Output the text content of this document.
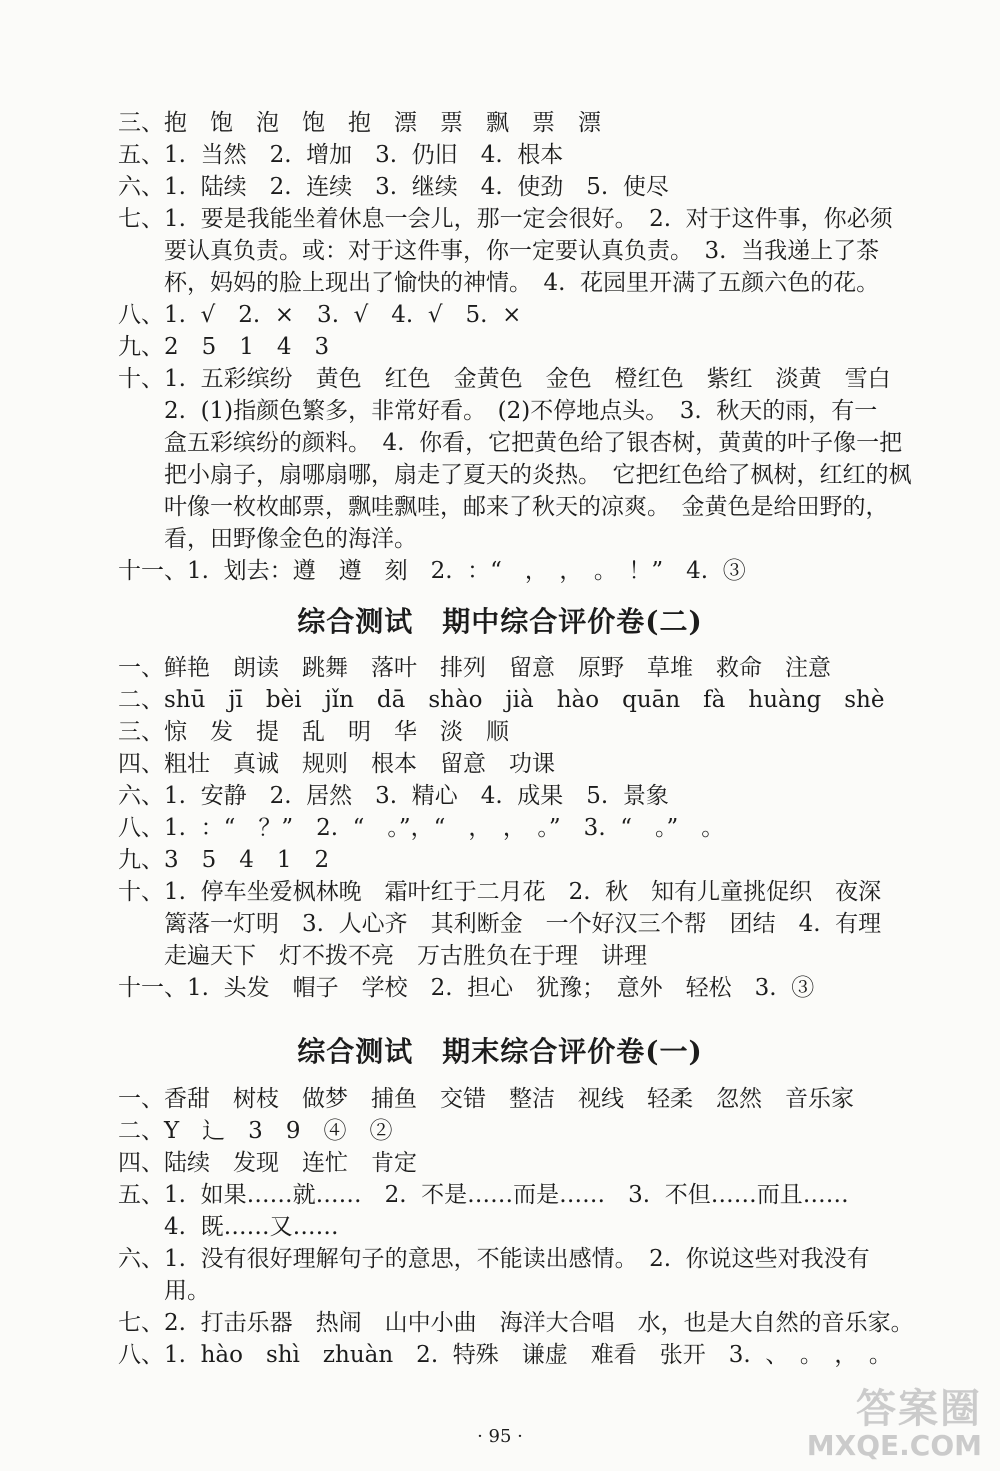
三、抱　饱　泡　饱　抱　漂　票　飘　票　漂
五、1.  当然　2.  增加　3.  仍旧　4.  根本
六、1.  陆续　2.  连续　3.  继续　4.  使劲　5.  使尽
七、1.  要是我能坐着休息一会儿，那一定会很好。　2.  对于这件事，你必须
　　要认真负责。或：对于这件事，你一定要认真负责。　3.  当我递上了茶
　　杯，妈妈的脸上现出了愉快的神情。　4.  花园里开满了五颜六色的花。
八、1.  √　2.  ×　3.  √　4.  √　5.  ×
九、2　5　1　4　3
十、1.  五彩缤纷　黄色　红色　金黄色　金色　橙红色　紫红　淡黄　雪白
　　2.  (1)指颜色繁多，非常好看。　(2)不停地点头。　3.  秋天的雨，有一
　　盒五彩缤纷的颜料。　4.  你看，它把黄色给了银杏树，黄黄的叶子像一把
　　把小扇子，扇哪扇哪，扇走了夏天的炎热。　它把红色给了枫树，红红的枫
　　叶像一枚枚邮票，飘哇飘哇，邮来了秋天的凉爽。　金黄色是给田野的，
　　看，田野像金色的海洋。
十一、1.  划去：遵　遵　刻　2.  ：“　，　，　。　！”　4.  ③
综合测试　期中综合评价卷(二)
一、鲜艳　朗读　跳舞　落叶　排列　留意　原野　草堆　救命　注意
二、shū　jī　bèi　jǐn　dā　shào　jià　hào　quān　fà　huàng　shè
三、惊　发　提　乱　明　华　淡　顺
四、粗壮　真诚　规则　根本　留意　功课
六、1.  安静　2.  居然　3.  精心　4.  成果　5.  景象
八、1.  ：“　？”　2.  “　。”，“　，　，　。”　3.  “　。”　。
九、3　5　4　1　2
十、1.  停车坐爱枫林晚　霜叶红于二月花　2.  秋　知有儿童挑促织　夜深
　　篱落一灯明　3.  人心齐　其利断金　一个好汉三个帮　团结　4.  有理
　　走遍天下　灯不拨不亮　万古胜负在于理　讲理
十一、1.  头发　帽子　学校　2.  担心　犹豫；　意外　轻松　3.  ③
综合测试　期末综合评价卷(一)
一、香甜　树枝　做梦　捕鱼　交错　整洁　视线　轻柔　忽然　音乐家
二、Y　辶　3　9　④　②
四、陆续　发现　连忙　肯定
五、1.  如果……就……　2.  不是……而是……　3.  不但……而且……
　　4.  既……又……
六、1.  没有很好理解句子的意思，不能读出感情。　2.  你说这些对我没有
　　用。
七、2.  打击乐器　热闹　山中小曲　海洋大合唱　水，也是大自然的音乐家。
八、1.  hào　shì　zhuàn　2.  特殊　谦虚　难看　张开　3.  、　。　，　。
· 95 ·
答案圈
MXQE.COM
